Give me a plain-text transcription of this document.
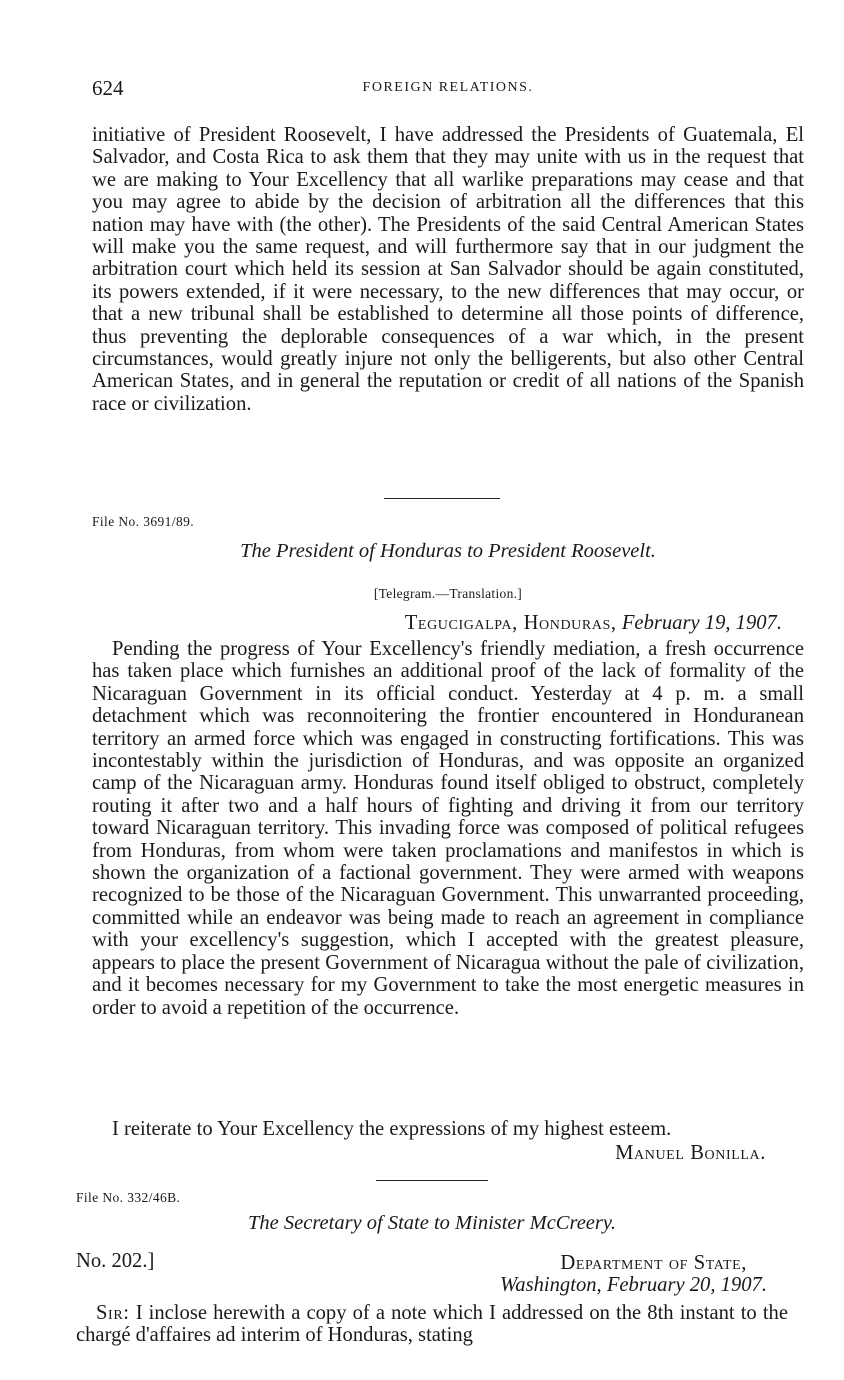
624	FOREIGN RELATIONS.

initiative of President Roosevelt, I have addressed the Presidents of Guatemala, El Salvador, and Costa Rica to ask them that they may unite with us in the request that we are making to Your Excellency that all warlike preparations may cease and that you may agree to abide by the decision of arbitration all the differences that this nation may have with (the other). The Presidents of the said Central American States will make you the same request, and will furthermore say that in our judgment the arbitration court which held its session at San Salvador should be again constituted, its powers extended, if it were necessary, to the new differences that may occur, or that a new tribunal shall be established to determine all those points of difference, thus preventing the deplorable consequences of a war which, in the present circumstances, would greatly injure not only the belligerents, but also other Central American States, and in general the reputation or credit of all nations of the Spanish race or civilization.

File No. 3691/89.
The President of Honduras to President Roosevelt.
[Telegram.—Translation.]
Tegucigalpa, Honduras, February 19, 1907.

Pending the progress of Your Excellency's friendly mediation, a fresh occurrence has taken place which furnishes an additional proof of the lack of formality of the Nicaraguan Government in its official conduct. Yesterday at 4 p. m. a small detachment which was reconnoitering the frontier encountered in Honduranean territory an armed force which was engaged in constructing fortifications. This was incontestably within the jurisdiction of Honduras, and was opposite an organized camp of the Nicaraguan army. Honduras found itself obliged to obstruct, completely routing it after two and a half hours of fighting and driving it from our territory toward Nicaraguan territory. This invading force was composed of political refugees from Honduras, from whom were taken proclamations and manifestos in which is shown the organization of a factional government. They were armed with weapons recognized to be those of the Nicaraguan Government. This unwarranted proceeding, committed while an endeavor was being made to reach an agreement in compliance with your excellency's suggestion, which I accepted with the greatest pleasure, appears to place the present Government of Nicaragua without the pale of civilization, and it becomes necessary for my Government to take the most energetic measures in order to avoid a repetition of the occurrence.

I reiterate to Your Excellency the expressions of my highest esteem.

Manuel Bonilla.
File No. 332/46B.
The Secretary of State to Minister McCreery.
No. 202.]	Department of State,
Washington, February 20, 1907.

Sir: I inclose herewith a copy of a note which I addressed on the 8th instant to the chargé d'affaires ad interim of Honduras, stating
